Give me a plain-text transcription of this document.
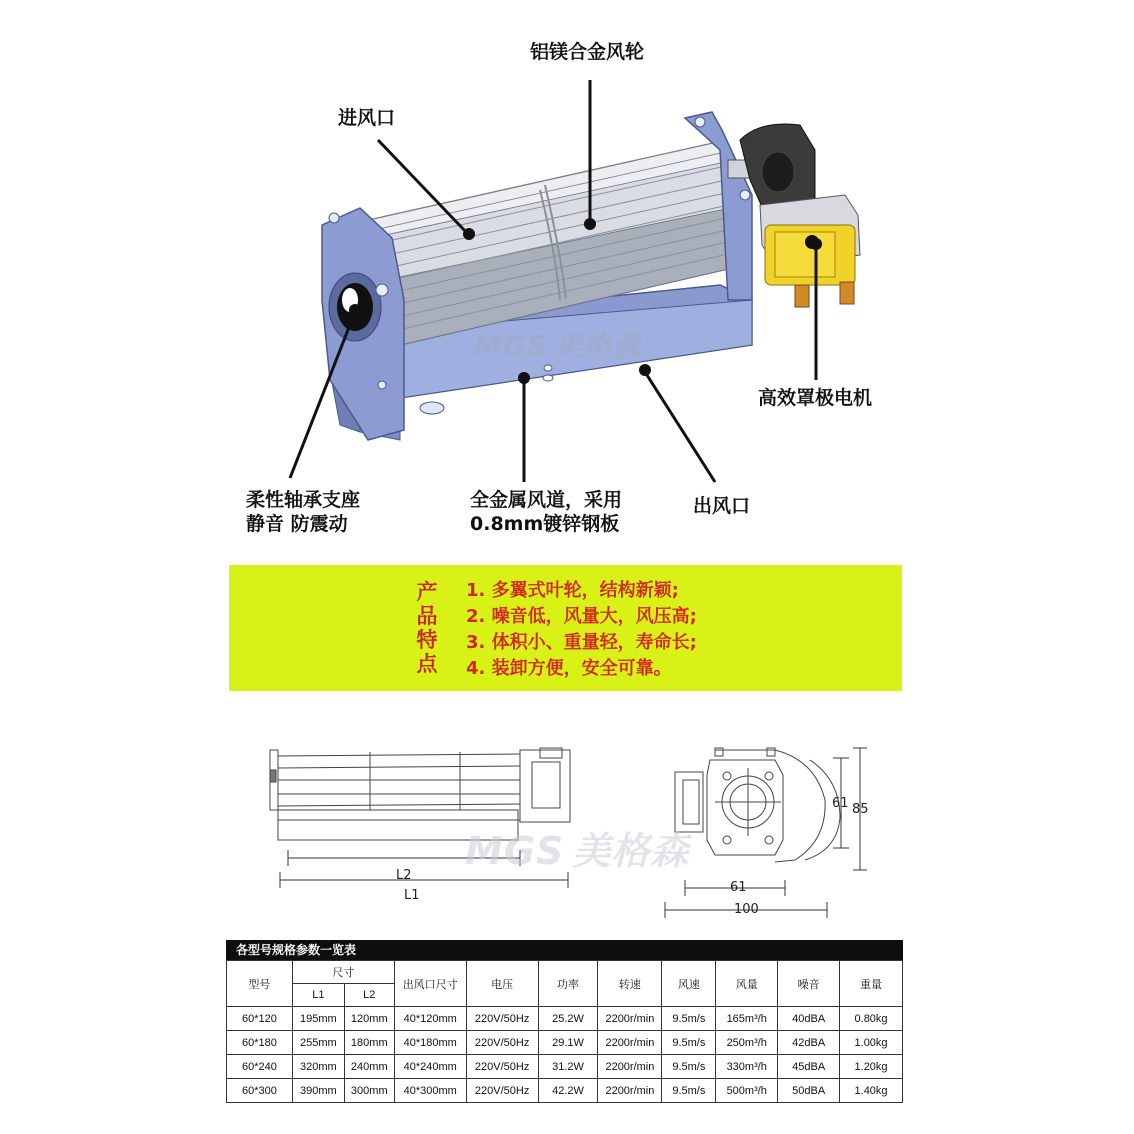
MGS 美格森
铝镁合金风轮
进风口
高效罩极电机
柔性轴承支座
静音 防震动
全金属风道，采用
0.8mm镀锌钢板
出风口
产
品
特
点
1. 多翼式叶轮，结构新颖;
2. 噪音低，风量大，风压高;
3. 体积小、重量轻，寿命长;
4. 装卸方便，安全可靠。
L2
L1
61 85
61
100
MGS 美格森
各型号规格参数一览表
型号	尺寸		出风口尺寸	电压	功率	转速	风速	风量	噪音	重量
	L1	L2								
60*120	195mm	120mm	40*120mm	220V/50Hz	25.2W	2200r/min	9.5m/s	165m³/h	40dBA	0.80kg
60*180	255mm	180mm	40*180mm	220V/50Hz	29.1W	2200r/min	9.5m/s	250m³/h	42dBA	1.00kg
60*240	320mm	240mm	40*240mm	220V/50Hz	31.2W	2200r/min	9.5m/s	330m³/h	45dBA	1.20kg
60*300	390mm	300mm	40*300mm	220V/50Hz	42.2W	2200r/min	9.5m/s	500m³/h	50dBA	1.40kg
